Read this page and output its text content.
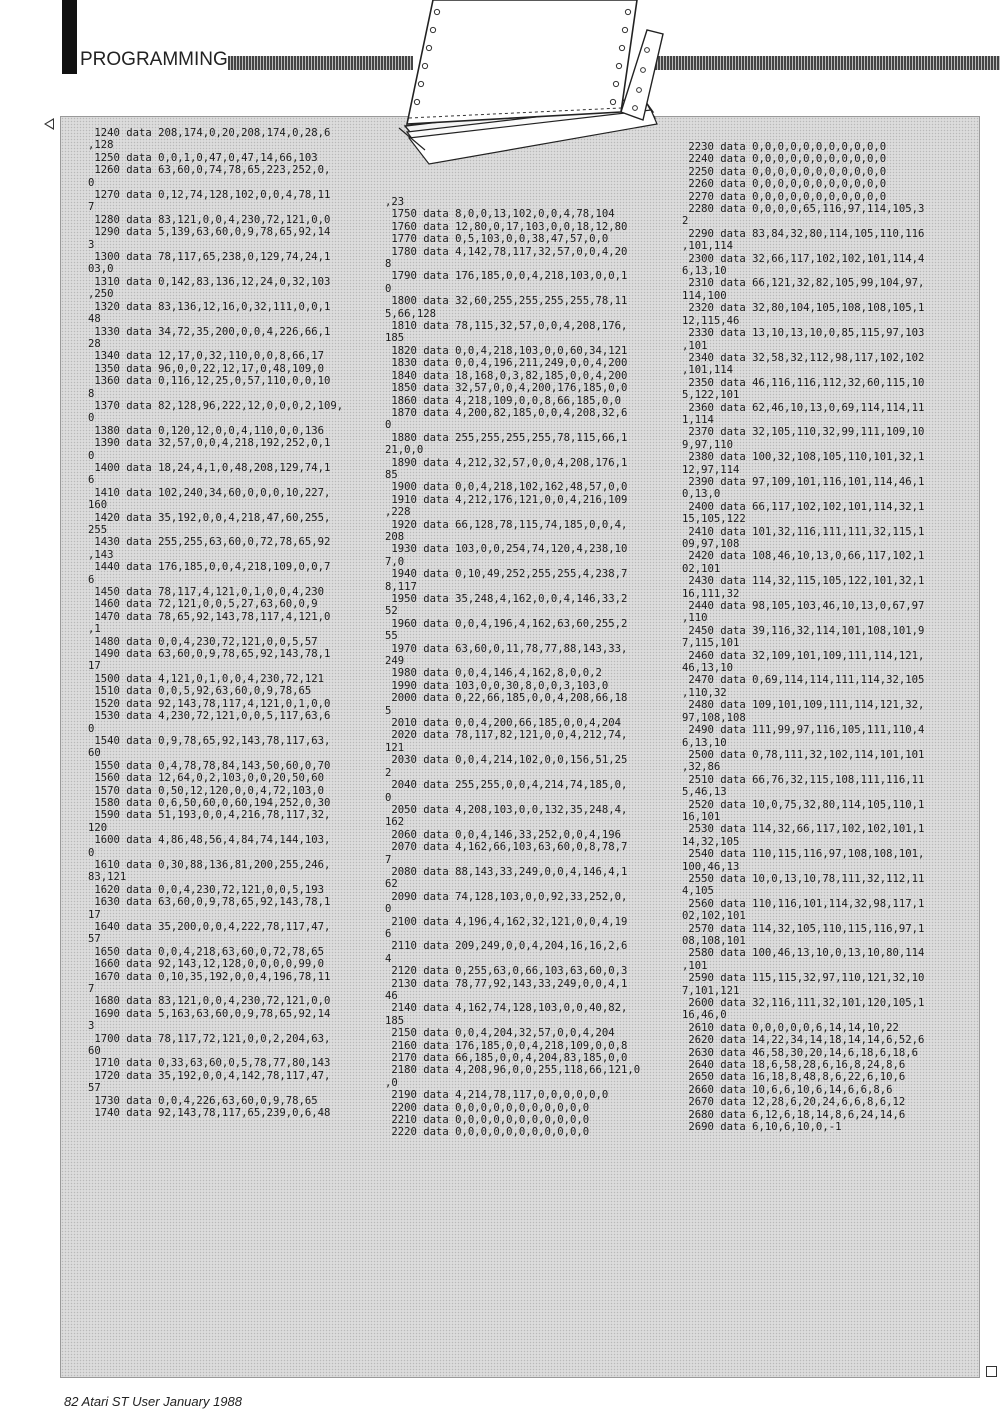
PROGRAMMING
1240 data 208,174,0,20,208,174,0,28,6
,128
1250 data 0,0,1,0,47,0,47,14,66,103
1260 data 63,60,0,74,78,65,223,252,0,
0
1270 data 0,12,74,128,102,0,0,4,78,11
7
1280 data 83,121,0,0,4,230,72,121,0,0
1290 data 5,139,63,60,0,9,78,65,92,14
3
1300 data 78,117,65,238,0,129,74,24,1
03,0
1310 data 0,142,83,136,12,24,0,32,103
,250
1320 data 83,136,12,16,0,32,111,0,0,1
48
1330 data 34,72,35,200,0,0,4,226,66,1
28
1340 data 12,17,0,32,110,0,0,8,66,17
1350 data 96,0,0,22,12,17,0,48,109,0
1360 data 0,116,12,25,0,57,110,0,0,10
8
1370 data 82,128,96,222,12,0,0,0,2,109,
0
1380 data 0,120,12,0,0,4,110,0,0,136
1390 data 32,57,0,0,4,218,192,252,0,1
0
1400 data 18,24,4,1,0,48,208,129,74,1
6
1410 data 102,240,34,60,0,0,0,10,227,
160
1420 data 35,192,0,0,4,218,47,60,255,
255
1430 data 255,255,63,60,0,72,78,65,92
,143
1440 data 176,185,0,0,4,218,109,0,0,7
6
1450 data 78,117,4,121,0,1,0,0,4,230
1460 data 72,121,0,0,5,27,63,60,0,9
1470 data 78,65,92,143,78,117,4,121,0
,1
1480 data 0,0,4,230,72,121,0,0,5,57
1490 data 63,60,0,9,78,65,92,143,78,1
17
1500 data 4,121,0,1,0,0,4,230,72,121
1510 data 0,0,5,92,63,60,0,9,78,65
1520 data 92,143,78,117,4,121,0,1,0,0
1530 data 4,230,72,121,0,0,5,117,63,6
0
1540 data 0,9,78,65,92,143,78,117,63,
60
1550 data 0,4,78,78,84,143,50,60,0,70
1560 data 12,64,0,2,103,0,0,20,50,60
1570 data 0,50,12,120,0,0,4,72,103,0
1580 data 0,6,50,60,0,60,194,252,0,30
1590 data 51,193,0,0,4,216,78,117,32,
120
1600 data 4,86,48,56,4,84,74,144,103,
0
1610 data 0,30,88,136,81,200,255,246,
83,121
1620 data 0,0,4,230,72,121,0,0,5,193
1630 data 63,60,0,9,78,65,92,143,78,1
17
1640 data 35,200,0,0,4,222,78,117,47,
57
1650 data 0,0,4,218,63,60,0,72,78,65
1660 data 92,143,12,128,0,0,0,0,99,0
1670 data 0,10,35,192,0,0,4,196,78,11
7
1680 data 83,121,0,0,4,230,72,121,0,0
1690 data 5,163,63,60,0,9,78,65,92,14
3
1700 data 78,117,72,121,0,0,2,204,63,
60
1710 data 0,33,63,60,0,5,78,77,80,143
1720 data 35,192,0,0,4,142,78,117,47,
57
1730 data 0,0,4,226,63,60,0,9,78,65
1740 data 92,143,78,117,65,239,0,6,48

,23
1750 data 8,0,0,13,102,0,0,4,78,104
1760 data 12,80,0,17,103,0,0,18,12,80
1770 data 0,5,103,0,0,38,47,57,0,0
1780 data 4,142,78,117,32,57,0,0,4,20
8
1790 data 176,185,0,0,4,218,103,0,0,1
0
1800 data 32,60,255,255,255,255,78,11
5,66,128
1810 data 78,115,32,57,0,0,4,208,176,
185
1820 data 0,0,4,218,103,0,0,60,34,121
1830 data 0,0,4,196,211,249,0,0,4,200
1840 data 18,168,0,3,82,185,0,0,4,200
1850 data 32,57,0,0,4,200,176,185,0,0
1860 data 4,218,109,0,0,8,66,185,0,0
1870 data 4,200,82,185,0,0,4,208,32,6
0
1880 data 255,255,255,255,78,115,66,1
21,0,0
1890 data 4,212,32,57,0,0,4,208,176,1
85
1900 data 0,0,4,218,102,162,48,57,0,0
1910 data 4,212,176,121,0,0,4,216,109
,228
1920 data 66,128,78,115,74,185,0,0,4,
208
1930 data 103,0,0,254,74,120,4,238,10
7,0
1940 data 0,10,49,252,255,255,4,238,7
8,117
1950 data 35,248,4,162,0,0,4,146,33,2
52
1960 data 0,0,4,196,4,162,63,60,255,2
55
1970 data 63,60,0,11,78,77,88,143,33,
249
1980 data 0,0,4,146,4,162,8,0,0,2
1990 data 103,0,0,30,8,0,0,3,103,0
2000 data 0,22,66,185,0,0,4,208,66,18
5
2010 data 0,0,4,200,66,185,0,0,4,204
2020 data 78,117,82,121,0,0,4,212,74,
121
2030 data 0,0,4,214,102,0,0,156,51,25
2
2040 data 255,255,0,0,4,214,74,185,0,
0
2050 data 4,208,103,0,0,132,35,248,4,
162
2060 data 0,0,4,146,33,252,0,0,4,196
2070 data 4,162,66,103,63,60,0,8,78,7
7
2080 data 88,143,33,249,0,0,4,146,4,1
62
2090 data 74,128,103,0,0,92,33,252,0,
0
2100 data 4,196,4,162,32,121,0,0,4,19
6
2110 data 209,249,0,0,4,204,16,16,2,6
4
2120 data 0,255,63,0,66,103,63,60,0,3
2130 data 78,77,92,143,33,249,0,0,4,1
46
2140 data 4,162,74,128,103,0,0,40,82,
185
2150 data 0,0,4,204,32,57,0,0,4,204
2160 data 176,185,0,0,4,218,109,0,0,8
2170 data 66,185,0,0,4,204,83,185,0,0
2180 data 4,208,96,0,0,255,118,66,121,0
,0
2190 data 4,214,78,117,0,0,0,0,0,0
2200 data 0,0,0,0,0,0,0,0,0,0,0
2210 data 0,0,0,0,0,0,0,0,0,0,0
2220 data 0,0,0,0,0,0,0,0,0,0,0

2230 data 0,0,0,0,0,0,0,0,0,0,0
2240 data 0,0,0,0,0,0,0,0,0,0,0
2250 data 0,0,0,0,0,0,0,0,0,0,0
2260 data 0,0,0,0,0,0,0,0,0,0,0
2270 data 0,0,0,0,0,0,0,0,0,0,0
2280 data 0,0,0,0,65,116,97,114,105,3
2
2290 data 83,84,32,80,114,105,110,116
,101,114
2300 data 32,66,117,102,102,101,114,4
6,13,10
2310 data 66,121,32,82,105,99,104,97,
114,100
2320 data 32,80,104,105,108,108,105,1
12,115,46
2330 data 13,10,13,10,0,85,115,97,103
,101
2340 data 32,58,32,112,98,117,102,102
,101,114
2350 data 46,116,116,112,32,60,115,10
5,122,101
2360 data 62,46,10,13,0,69,114,114,11
1,114
2370 data 32,105,110,32,99,111,109,10
9,97,110
2380 data 100,32,108,105,110,101,32,1
12,97,114
2390 data 97,109,101,116,101,114,46,1
0,13,0
2400 data 66,117,102,102,101,114,32,1
15,105,122
2410 data 101,32,116,111,111,32,115,1
09,97,108
2420 data 108,46,10,13,0,66,117,102,1
02,101
2430 data 114,32,115,105,122,101,32,1
16,111,32
2440 data 98,105,103,46,10,13,0,67,97
,110
2450 data 39,116,32,114,101,108,101,9
7,115,101
2460 data 32,109,101,109,111,114,121,
46,13,10
2470 data 0,69,114,114,111,114,32,105
,110,32
2480 data 109,101,109,111,114,121,32,
97,108,108
2490 data 111,99,97,116,105,111,110,4
6,13,10
2500 data 0,78,111,32,102,114,101,101
,32,86
2510 data 66,76,32,115,108,111,116,11
5,46,13
2520 data 10,0,75,32,80,114,105,110,1
16,101
2530 data 114,32,66,117,102,102,101,1
14,32,105
2540 data 110,115,116,97,108,108,101,
100,46,13
2550 data 10,0,13,10,78,111,32,112,11
4,105
2560 data 110,116,101,114,32,98,117,1
02,102,101
2570 data 114,32,105,110,115,116,97,1
08,108,101
2580 data 100,46,13,10,0,13,10,80,114
,101
2590 data 115,115,32,97,110,121,32,10
7,101,121
2600 data 32,116,111,32,101,120,105,1
16,46,0
2610 data 0,0,0,0,0,6,14,14,10,22
2620 data 14,22,34,14,18,14,14,6,52,6
2630 data 46,58,30,20,14,6,18,6,18,6
2640 data 18,6,58,28,6,16,8,24,8,6
2650 data 16,18,8,48,8,6,22,6,10,6
2660 data 10,6,6,10,6,14,6,6,8,6
2670 data 12,28,6,20,24,6,6,8,6,12
2680 data 6,12,6,18,14,8,6,24,14,6
2690 data 6,10,6,10,0,-1

82 Atari ST User January 1988
